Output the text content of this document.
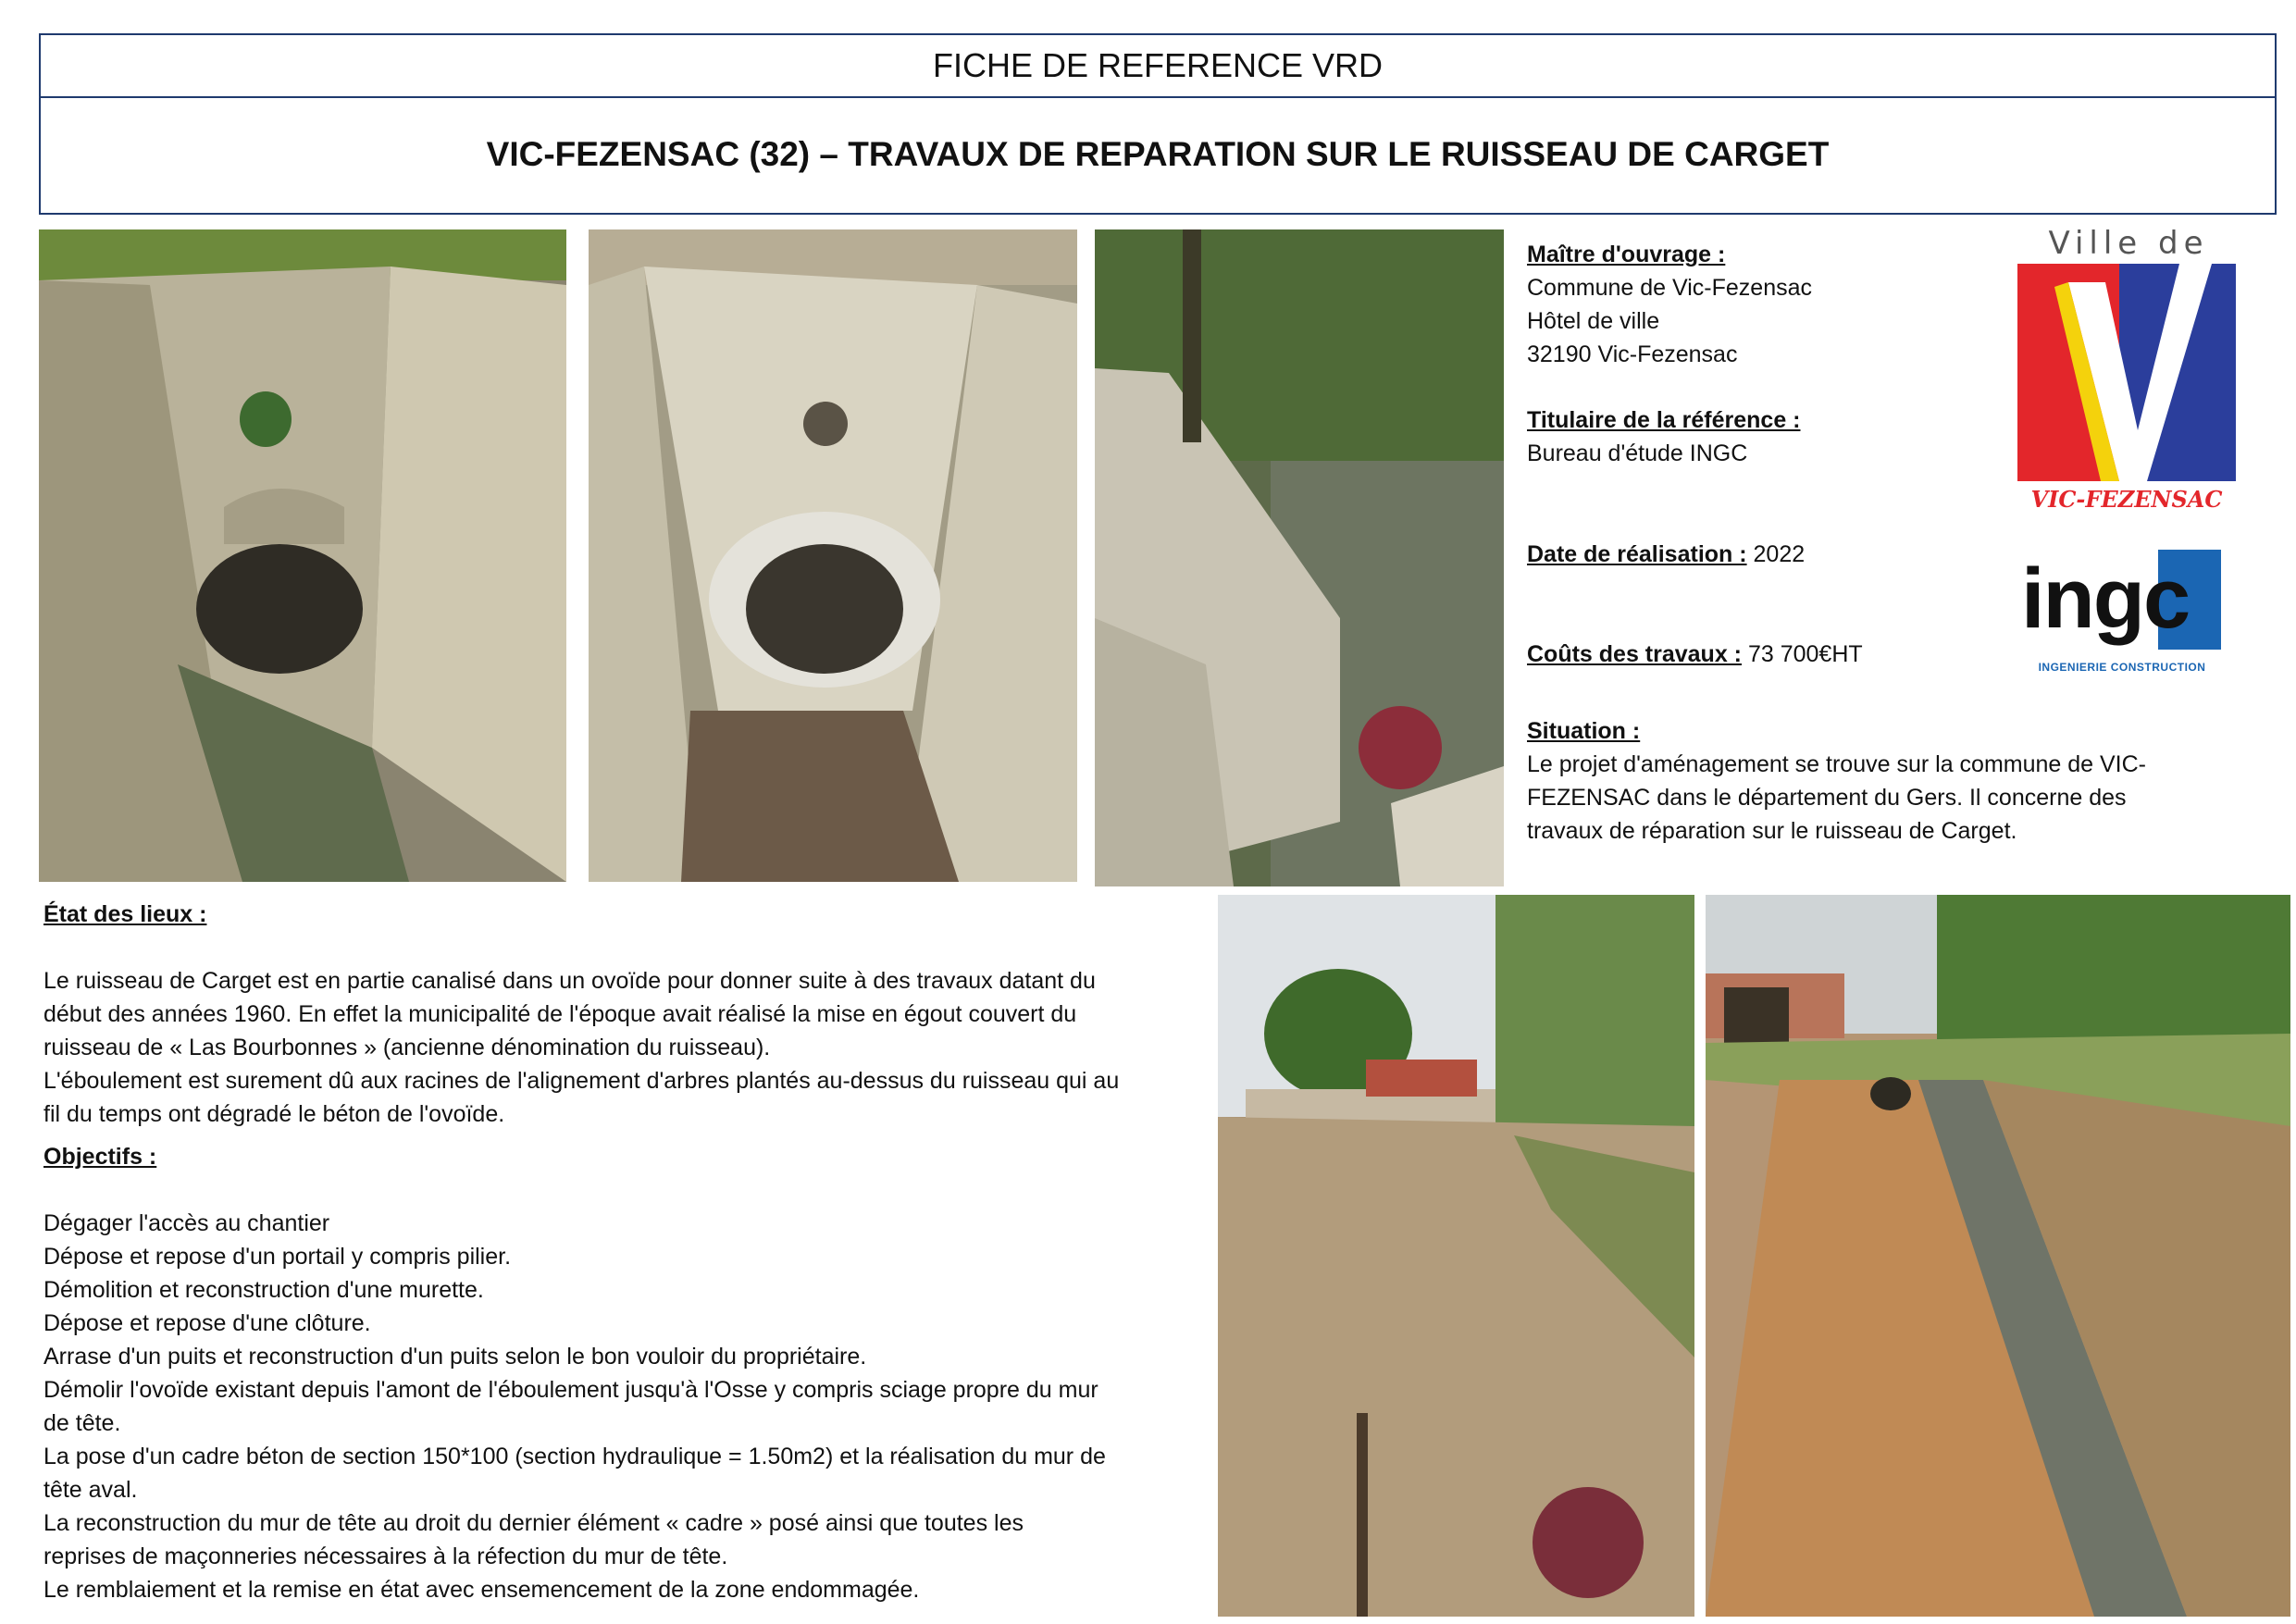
FICHE DE REFERENCE VRD
VIC-FEZENSAC (32) – TRAVAUX DE REPARATION SUR LE RUISSEAU DE CARGET
Maître d'ouvrage :
Commune de Vic-Fezensac
Hôtel de ville
32190 Vic-Fezensac
Titulaire de la référence :
Bureau d'étude INGC
Date de réalisation : 2022
Coûts des travaux : 73 700€HT
Situation :
Le projet d'aménagement se trouve sur la commune de VIC-
FEZENSAC dans le département du Gers. Il concerne des
travaux de réparation sur le ruisseau de Carget.
Ville de
VIC-FEZENSAC
ingc
INGENIERIE CONSTRUCTION
État des lieux :

Le ruisseau de Carget est en partie canalisé dans un ovoïde pour donner suite à des travaux datant du
début des années 1960. En effet la municipalité de l'époque avait réalisé la mise en égout couvert du
ruisseau de « Las Bourbonnes » (ancienne dénomination du ruisseau).
L'éboulement est surement dû aux racines de l'alignement d'arbres plantés au-dessus du ruisseau qui au
fil du temps ont dégradé le béton de l'ovoïde.
Objectifs :

Dégager l'accès au chantier
Dépose et repose d'un portail y compris pilier.
Démolition et reconstruction d'une murette.
Dépose et repose d'une clôture.
Arrase d'un puits et reconstruction d'un puits selon le bon vouloir du propriétaire.
Démolir l'ovoïde existant depuis l'amont de l'éboulement jusqu'à l'Osse y compris sciage propre du mur
de tête.
La pose d'un cadre béton de section 150*100 (section hydraulique = 1.50m2) et la réalisation du mur de
tête aval.
La reconstruction du mur de tête au droit du dernier élément « cadre » posé ainsi que toutes les
reprises de maçonneries nécessaires à la réfection du mur de tête.
Le remblaiement et la remise en état avec ensemencement de la zone endommagée.
